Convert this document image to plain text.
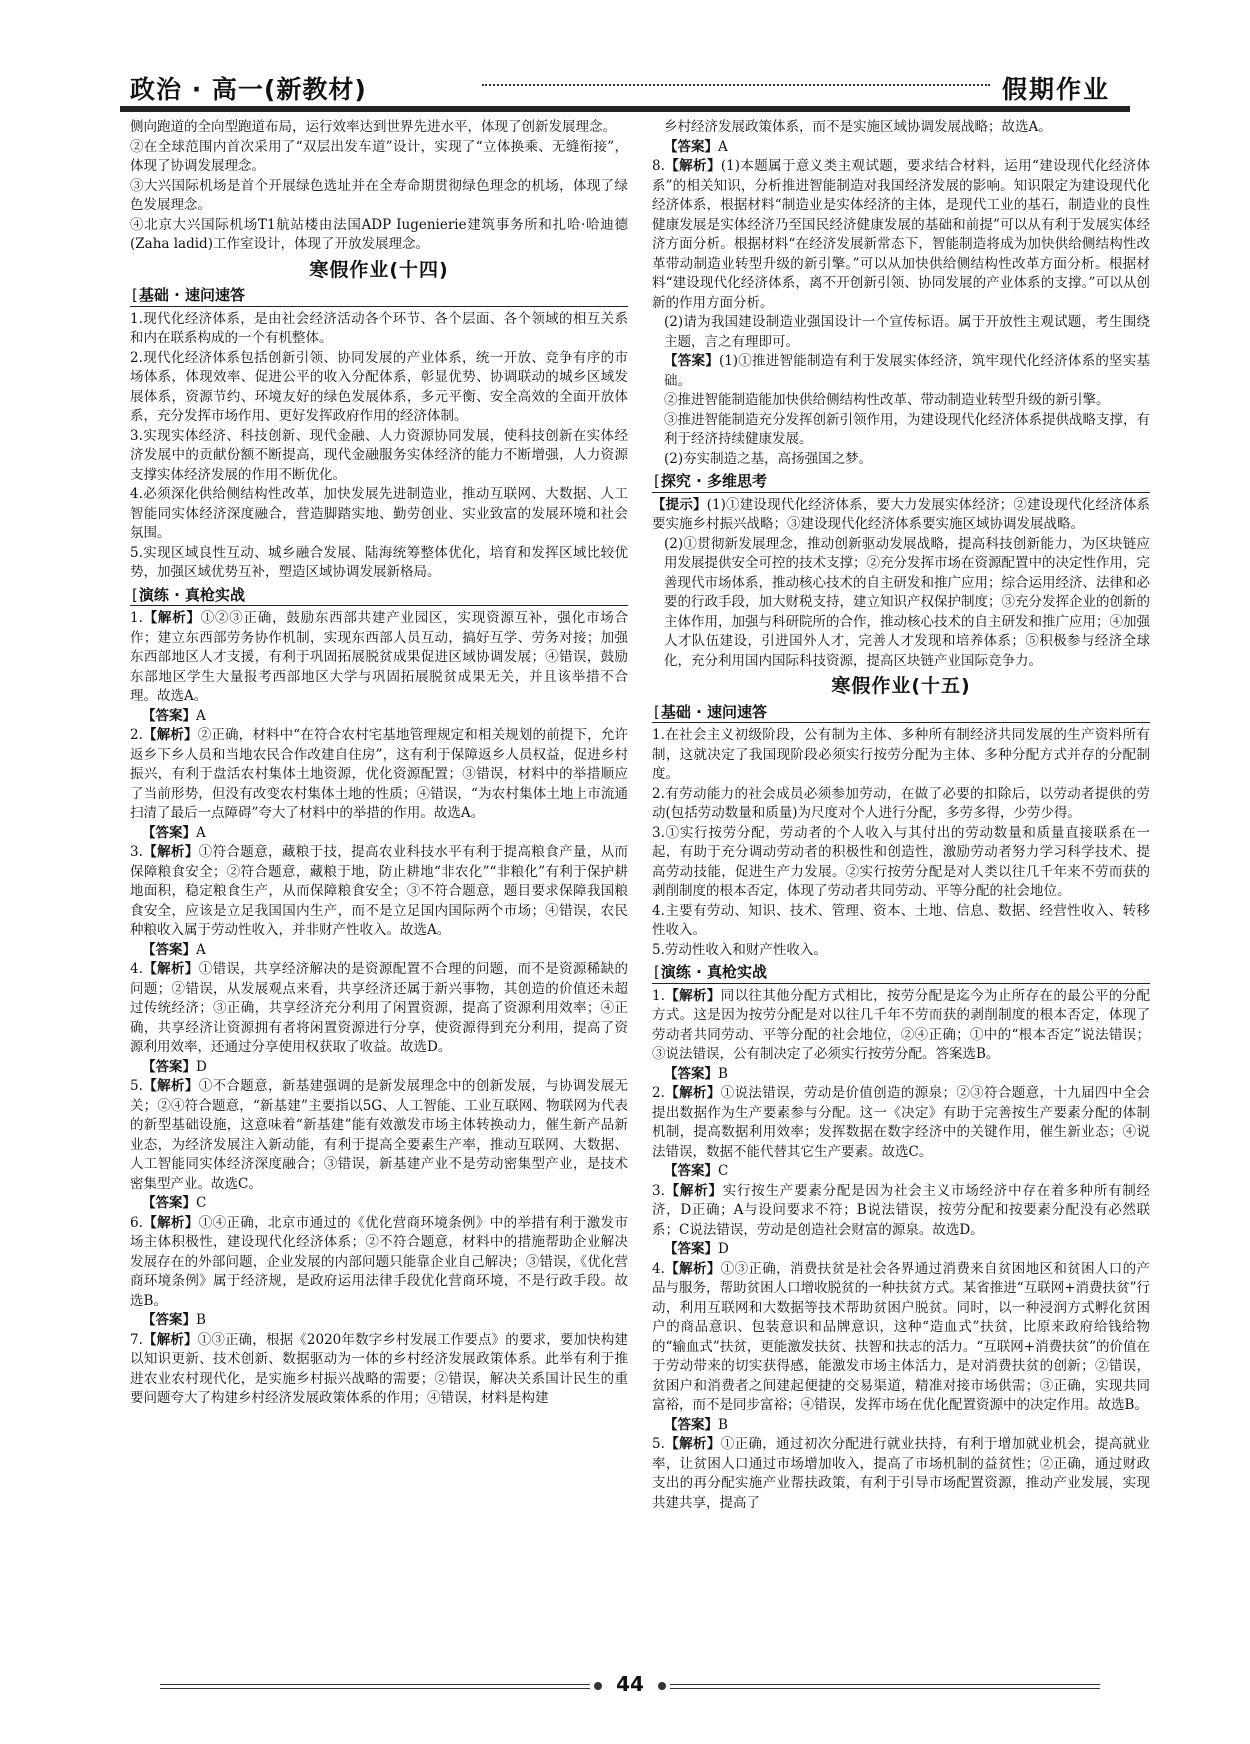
政治 · 高一(新教材)	假期作业

侧向跑道的全向型跑道布局，运行效率达到世界先进水平，体现了创新发展理念。

②在全球范围内首次采用了“双层出发车道”设计，实现了“立体换乘、无缝衔接”，体现了协调发展理念。

③大兴国际机场是首个开展绿色选址并在全寿命期贯彻绿色理念的机场，体现了绿色发展理念。

④北京大兴国际机场T1航站楼由法国ADP Iugenierie建筑事务所和扎哈·哈迪德(Zaha ladid)工作室设计，体现了开放发展理念。

寒假作业(十四)
[ 基础 · 速问速答

1.现代化经济体系，是由社会经济活动各个环节、各个层面、各个领域的相互关系和内在联系构成的一个有机整体。

2.现代化经济体系包括创新引领、协同发展的产业体系，统一开放、竞争有序的市场体系，体现效率、促进公平的收入分配体系，彰显优势、协调联动的城乡区域发展体系，资源节约、环境友好的绿色发展体系，多元平衡、安全高效的全面开放体系，充分发挥市场作用、更好发挥政府作用的经济体制。

3.实现实体经济、科技创新、现代金融、人力资源协同发展，使科技创新在实体经济发展中的贡献份额不断提高，现代金融服务实体经济的能力不断增强，人力资源支撑实体经济发展的作用不断优化。

4.必须深化供给侧结构性改革，加快发展先进制造业，推动互联网、大数据、人工智能同实体经济深度融合，营造脚踏实地、勤劳创业、实业致富的发展环境和社会氛围。

5.实现区域良性互动、城乡融合发展、陆海统筹整体优化，培育和发挥区域比较优势，加强区域优势互补，塑造区域协调发展新格局。

[ 演练 · 真枪实战

1.【解析】①②③正确，鼓励东西部共建产业园区，实现资源互补，强化市场合作；建立东西部劳务协作机制，实现东西部人员互动，搞好互学、劳务对接；加强东西部地区人才支援，有利于巩固拓展脱贫成果促进区域协调发展；④错误，鼓励东部地区学生大量报考西部地区大学与巩固拓展脱贫成果无关，并且该举措不合理。故选A。

【答案】A

2.【解析】②正确，材料中“在符合农村宅基地管理规定和相关规划的前提下，允许返乡下乡人员和当地农民合作改建自住房”，这有利于保障返乡人员权益，促进乡村振兴，有利于盘活农村集体土地资源，优化资源配置；③错误，材料中的举措顺应了当前形势，但没有改变农村集体土地的性质；④错误，“为农村集体土地上市流通扫清了最后一点障碍”夸大了材料中的举措的作用。故选A。

【答案】A

3.【解析】①符合题意，藏粮于技，提高农业科技水平有利于提高粮食产量，从而保障粮食安全；②符合题意，藏粮于地，防止耕地“非农化”“非粮化”有利于保护耕地面积，稳定粮食生产，从而保障粮食安全；③不符合题意，题目要求保障我国粮食安全，应该是立足我国国内生产，而不是立足国内国际两个市场；④错误，农民种粮收入属于劳动性收入，并非财产性收入。故选A。

【答案】A

4.【解析】①错误，共享经济解决的是资源配置不合理的问题，而不是资源稀缺的问题；②错误，从发展观点来看，共享经济还属于新兴事物，其创造的价值还未超过传统经济；③正确，共享经济充分利用了闲置资源，提高了资源利用效率；④正确，共享经济让资源拥有者将闲置资源进行分享，使资源得到充分利用，提高了资源利用效率，还通过分享使用权获取了收益。故选D。

【答案】D

5.【解析】①不合题意，新基建强调的是新发展理念中的创新发展，与协调发展无关；②④符合题意，“新基建”主要指以5G、人工智能、工业互联网、物联网为代表的新型基础设施，这意味着“新基建”能有效激发市场主体转换动力，催生新产品新业态，为经济发展注入新动能，有利于提高全要素生产率，推动互联网、大数据、人工智能同实体经济深度融合；③错误，新基建产业不是劳动密集型产业，是技术密集型产业。故选C。

【答案】C

6.【解析】①④正确，北京市通过的《优化营商环境条例》中的举措有利于激发市场主体积极性，建设现代化经济体系；②不符合题意，材料中的措施帮助企业解决发展存在的外部问题，企业发展的内部问题只能靠企业自己解决；③错误，《优化营商环境条例》属于经济规，是政府运用法律手段优化营商环境，不是行政手段。故选B。

【答案】B

7.【解析】①③正确，根据《2020年数字乡村发展工作要点》的要求，要加快构建以知识更新、技术创新、数据驱动为一体的乡村经济发展政策体系。此举有利于推进农业农村现代化，是实施乡村振兴战略的需要；②错误，解决关系国计民生的重要问题夸大了构建乡村经济发展政策体系的作用；④错误，材料是构建

乡村经济发展政策体系，而不是实施区域协调发展战略；故选A。

【答案】A

8.【解析】(1)本题属于意义类主观试题，要求结合材料，运用“建设现代化经济体系”的相关知识，分析推进智能制造对我国经济发展的影响。知识限定为建设现代化经济体系，根据材料“制造业是实体经济的主体，是现代工业的基石，制造业的良性健康发展是实体经济乃至国民经济健康发展的基础和前提”可以从有利于发展实体经济方面分析。根据材料“在经济发展新常态下，智能制造将成为加快供给侧结构性改革带动制造业转型升级的新引擎。”可以从加快供给侧结构性改革方面分析。根据材料“建设现代化经济体系，离不开创新引领、协同发展的产业体系的支撑。”可以从创新的作用方面分析。

(2)请为我国建设制造业强国设计一个宣传标语。属于开放性主观试题，考生围绕主题，言之有理即可。

【答案】(1)①推进智能制造有利于发展实体经济，筑牢现代化经济体系的坚实基础。

②推进智能制造能加快供给侧结构性改革、带动制造业转型升级的新引擎。

③推进智能制造充分发挥创新引领作用，为建设现代化经济体系提供战略支撑，有利于经济持续健康发展。

(2)夯实制造之基，高扬强国之梦。

[ 探究 · 多维思考

【提示】(1)①建设现代化经济体系，要大力发展实体经济；②建设现代化经济体系要实施乡村振兴战略；③建设现代化经济体系要实施区域协调发展战略。

(2)①贯彻新发展理念，推动创新驱动发展战略，提高科技创新能力，为区块链应用发展提供安全可控的技术支撑；②充分发挥市场在资源配置中的决定性作用，完善现代市场体系，推动核心技术的自主研发和推广应用；综合运用经济、法律和必要的行政手段，加大财税支持，建立知识产权保护制度；③充分发挥企业的创新的主体作用，加强与科研院所的合作，推动核心技术的自主研发和推广应用；④加强人才队伍建设，引进国外人才，完善人才发现和培养体系；⑤积极参与经济全球化，充分利用国内国际科技资源，提高区块链产业国际竞争力。

寒假作业(十五)
[ 基础 · 速问速答

1.在社会主义初级阶段，公有制为主体、多种所有制经济共同发展的生产资料所有制，这就决定了我国现阶段必须实行按劳分配为主体、多种分配方式并存的分配制度。

2.有劳动能力的社会成员必须参加劳动，在做了必要的扣除后，以劳动者提供的劳动(包括劳动数量和质量)为尺度对个人进行分配，多劳多得，少劳少得。

3.①实行按劳分配，劳动者的个人收入与其付出的劳动数量和质量直接联系在一起，有助于充分调动劳动者的积极性和创造性，激励劳动者努力学习科学技术、提高劳动技能，促进生产力发展。②实行按劳分配是对人类以往几千年来不劳而获的剥削制度的根本否定，体现了劳动者共同劳动、平等分配的社会地位。

4.主要有劳动、知识、技术、管理、资本、土地、信息、数据、经营性收入、转移性收入。

5.劳动性收入和财产性收入。

[ 演练 · 真枪实战

1.【解析】同以往其他分配方式相比，按劳分配是迄今为止所存在的最公平的分配方式。这是因为按劳分配是对以往几千年不劳而获的剥削制度的根本否定，体现了劳动者共同劳动、平等分配的社会地位，②④正确；①中的“根本否定”说法错误；③说法错误，公有制决定了必须实行按劳分配。答案选B。

【答案】B

2.【解析】①说法错误，劳动是价值创造的源泉；②③符合题意，十九届四中全会提出数据作为生产要素参与分配。这一《决定》有助于完善按生产要素分配的体制机制，提高数据利用效率；发挥数据在数字经济中的关键作用，催生新业态；④说法错误，数据不能代替其它生产要素。故选C。

【答案】C

3.【解析】实行按生产要素分配是因为社会主义市场经济中存在着多种所有制经济，D正确；A与设问要求不符；B说法错误，按劳分配和按要素分配没有必然联系；C说法错误，劳动是创造社会财富的源泉。故选D。

【答案】D

4.【解析】①③正确，消费扶贫是社会各界通过消费来自贫困地区和贫困人口的产品与服务，帮助贫困人口增收脱贫的一种扶贫方式。某省推进“互联网+消费扶贫”行动，利用互联网和大数据等技术帮助贫困户脱贫。同时，以一种浸润方式孵化贫困户的商品意识、包装意识和品牌意识，这种“造血式”扶贫，比原来政府给钱给物的“输血式”扶贫，更能激发扶贫、扶智和扶志的活力。“互联网+消费扶贫”的价值在于劳动带来的切实获得感，能激发市场主体活力，是对消费扶贫的创新；②错误，贫困户和消费者之间建起便捷的交易渠道，精准对接市场供需；③正确，实现共同富裕，而不是同步富裕；④错误，发挥市场在优化配置资源中的决定作用。故选B。

【答案】B

5.【解析】①正确，通过初次分配进行就业扶持，有利于增加就业机会，提高就业率，让贫困人口通过市场增加收入，提高了市场机制的益贫性；②正确，通过财政支出的再分配实施产业帮扶政策，有利于引导市场配置资源，推动产业发展，实现共建共享，提高了

44
